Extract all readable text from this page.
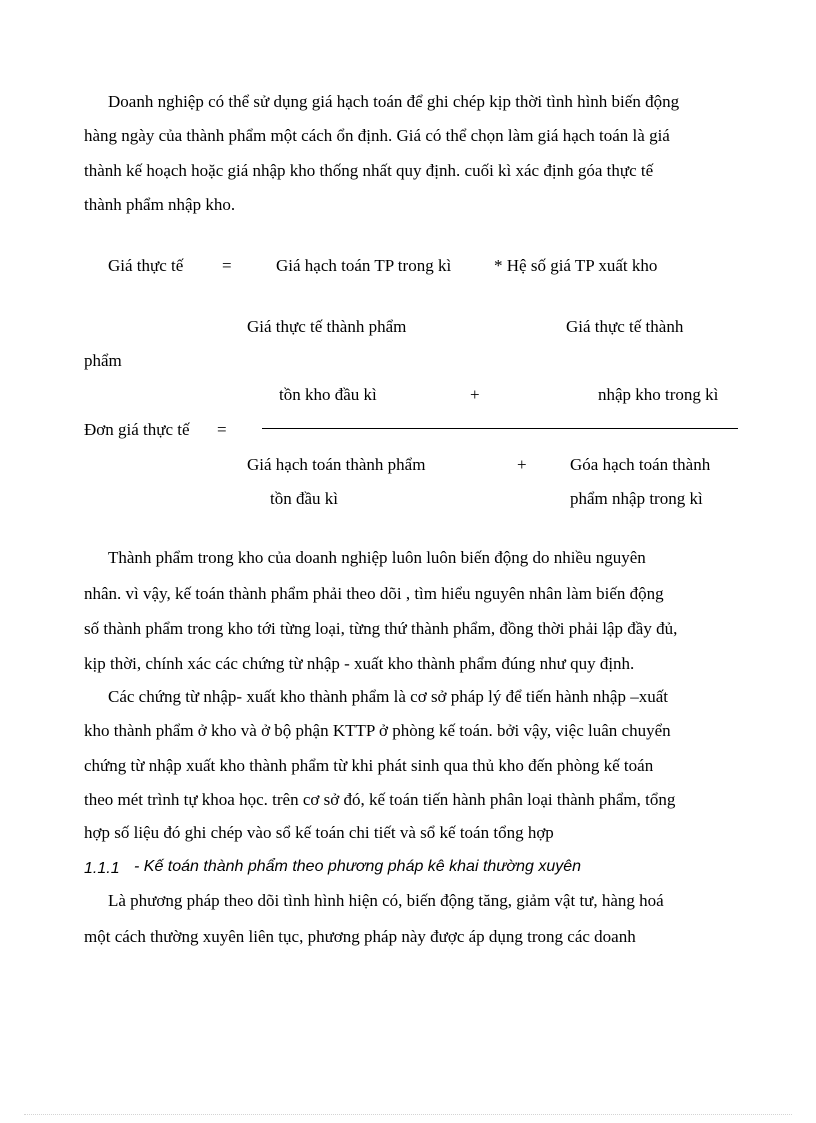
Doanh nghiệp có thể sử dụng giá hạch toán để ghi chép kịp thời tình hình biến động
hàng ngày của thành phẩm một cách ổn định. Giá có thể chọn làm giá hạch toán là giá
thành kế hoạch hoặc giá nhập kho thống nhất quy định. cuối kì xác định góa thực tế
thành phẩm nhập kho.
Giá thực tế =	Giá hạch toán TP trong kì	* Hệ số giá TP xuất kho
Giá thực tế thành phẩm	Giá thực tế thành
phẩm
tồn kho đầu kì	+	nhập kho trong kì
Đơn giá thực tế =
Giá hạch toán thành phẩm	+	Góa hạch toán thành
tồn đầu kì	phẩm nhập trong kì
Thành phẩm trong kho của doanh nghiệp luôn luôn biến động do nhiều nguyên
nhân. vì vậy, kế toán thành phẩm phải theo dõi , tìm hiểu nguyên nhân làm biến động
số thành phẩm trong kho tới từng loại, từng thứ thành phẩm, đồng thời phải lập đầy đủ,
kịp thời, chính xác các chứng từ nhập - xuất kho thành phẩm đúng như quy định.
Các chứng từ nhập- xuất kho thành phẩm là cơ sở pháp lý để tiến hành nhập –xuất
kho thành phẩm ở kho và ở bộ phận KTTP ở phòng kế toán. bởi vậy, việc luân chuyển
chứng từ nhập xuất kho thành phẩm từ khi phát sinh qua thủ kho đến phòng kế toán
theo mét trình tự khoa học. trên cơ sở đó, kế toán tiến hành phân loại thành phẩm, tổng
hợp số liệu đó ghi chép vào sổ kế toán chi tiết và sổ kế toán tổng hợp
1.1.1 - Kế toán thành phẩm theo phương pháp kê khai thường xuyên
Là phương pháp theo dõi tình hình hiện có, biến động tăng, giảm vật tư, hàng hoá
một cách thường xuyên liên tục, phương pháp này được áp dụng trong các doanh
